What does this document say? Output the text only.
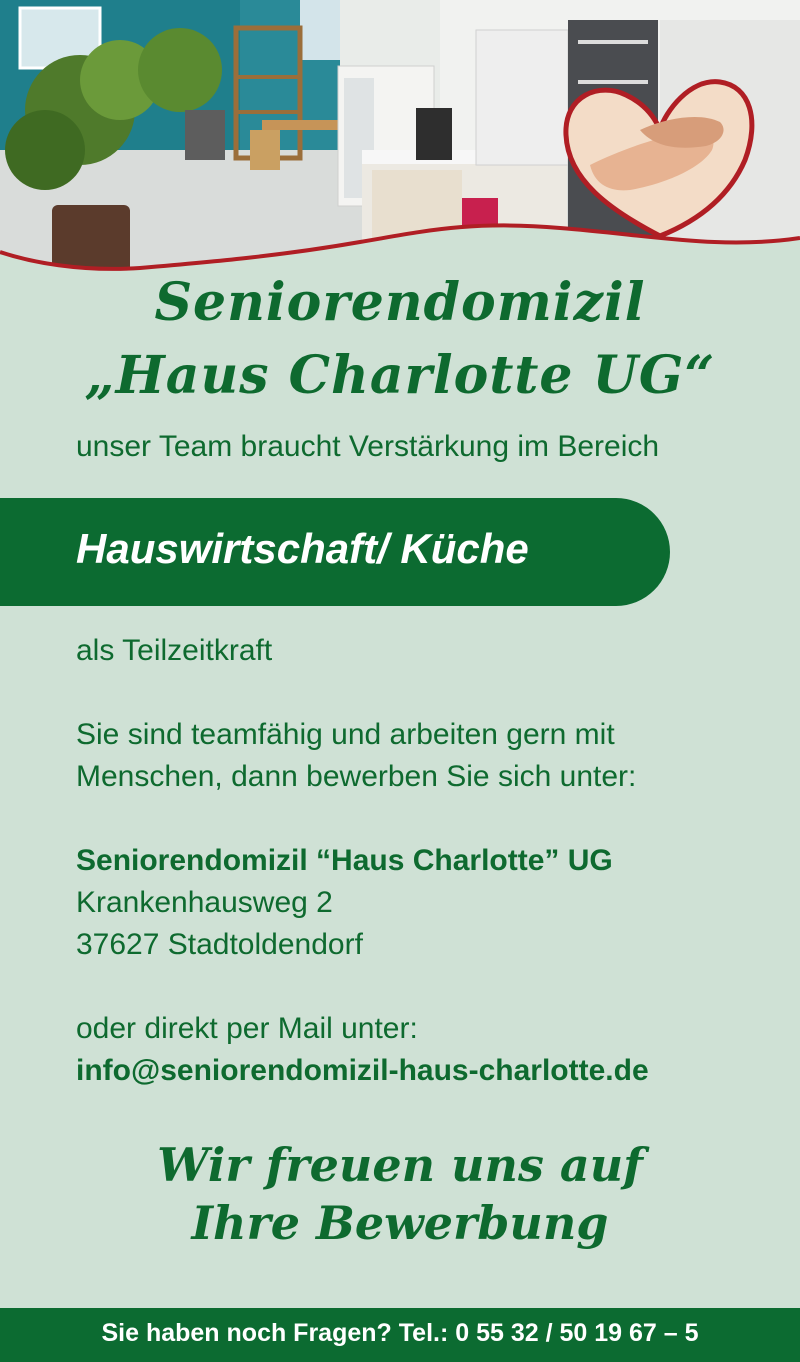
Seniorendomizil
„Haus Charlotte UG“
unser Team braucht Verstärkung im Bereich
Hauswirtschaft/ Küche
als Teilzeitkraft
Sie sind teamfähig und arbeiten gern mit
Menschen, dann bewerben Sie sich unter:
Seniorendomizil “Haus Charlotte” UG
Krankenhausweg 2
37627 Stadtoldendorf
oder direkt per Mail unter:
info@seniorendomizil-haus-charlotte.de
Wir freuen uns auf
Ihre Bewerbung
Sie haben noch Fragen? Tel.: 0 55 32 / 50 19 67 – 5
